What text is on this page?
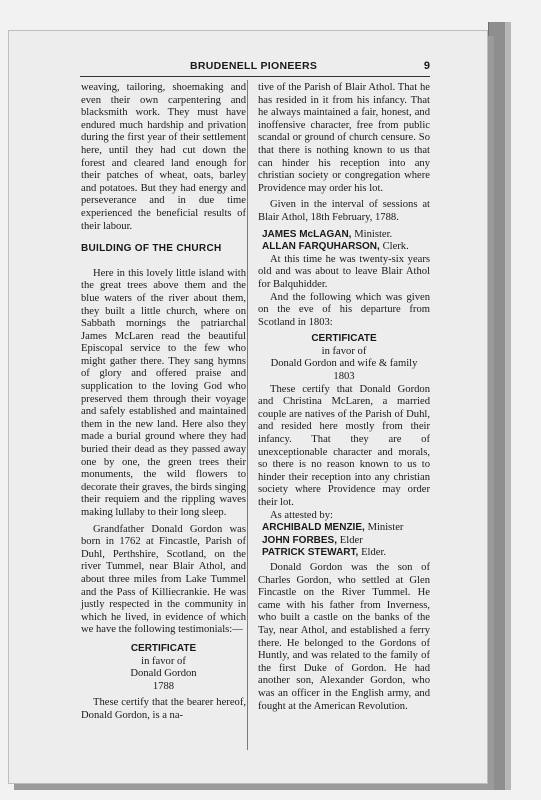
BRUDENELL PIONEERS	9

weaving, tailoring, shoemaking and even their own carpentering and blacksmith work. They must have endured much hardship and privation during the first year of their settlement here, until they had cut down the forest and cleared land enough for their patches of wheat, oats, barley and potatoes. But they had energy and perseverance and in due time experienced the beneficial results of their labour.

BUILDING OF THE CHURCH

Here in this lovely little island with the great trees above them and the blue waters of the river about them, they built a little church, where on Sabbath mornings the patriarchal James McLaren read the beautiful Episcopal service to the few who might gather there. They sang hymns of glory and offered praise and supplication to the loving God who preserved them through their voyage and safely established and maintained them in the new land. Here also they made a burial ground where they had buried their dead as they passed away one by one, the green trees their monuments, the wild flowers to decorate their graves, the birds singing their requiem and the rippling waves making lullaby to their long sleep.

Grandfather Donald Gordon was born in 1762 at Fincastle, Parish of Duhl, Perthshire, Scotland, on the river Tummel, near Blair Athol, and about three miles from Lake Tummel and the Pass of Killiecrankie. He was justly respected in the community in which he lived, in evidence of which we have the following testimonials:—

CERTIFICATE

in favor of

Donald Gordon

1788

These certify that the bearer hereof, Donald Gordon, is a na-

tive of the Parish of Blair Athol. That he has resided in it from his infancy. That he always maintained a fair, honest, and inoffensive character, free from public scandal or ground of church censure. So that there is nothing known to us that can hinder his reception into any christian society or congregation where Providence may order his lot.

Given in the interval of sessions at Blair Athol, 18th February, 1788.

JAMES McLAGAN, Minister.

ALLAN FARQUHARSON, Clerk.

At this time he was twenty-six years old and was about to leave Blair Athol for Balquhidder.

And the following which was given on the eve of his departure from Scotland in 1803:

CERTIFICATE

in favor of

Donald Gordon and wife & family

1803

These certify that Donald Gordon and Christina McLaren, a married couple are natives of the Parish of Duhl, and resided here mostly from their infancy. That they are of unexceptionable character and morals, so there is no reason known to us to hinder their reception into any christian society where Providence may order their lot.

As attested by:

ARCHIBALD MENZIE, Minister

JOHN FORBES, Elder

PATRICK STEWART, Elder.

Donald Gordon was the son of Charles Gordon, who settled at Glen Fincastle on the River Tummel. He came with his father from Inverness, who built a castle on the banks of the Tay, near Athol, and established a ferry there. He belonged to the Gordons of Huntly, and was related to the family of the first Duke of Gordon. He had another son, Alexander Gordon, who was an officer in the English army, and fought at the American Revolution.
